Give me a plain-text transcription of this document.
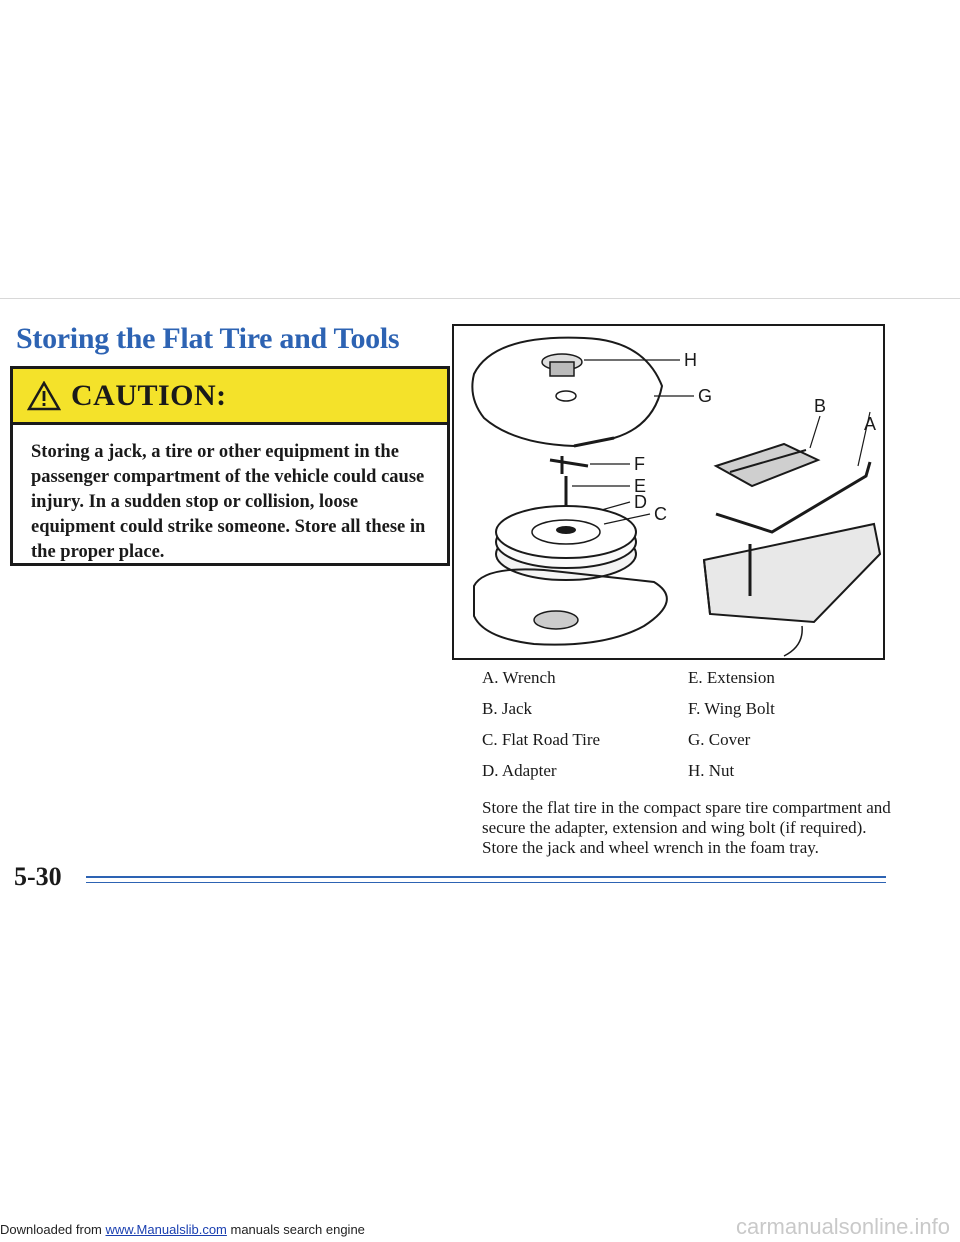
Storing the Flat Tire and Tools
CAUTION:

Storing a jack, a tire or other equipment in the passenger compartment of the vehicle could cause injury. In a sudden stop or collision, loose equipment could strike someone. Store all these in the proper place.

H
G	B
A
F
E
D
C
A. Wrench	E. Extension
B. Jack	F. Wing Bolt
C. Flat Road Tire	G. Cover
D. Adapter	H. Nut

Store the flat tire in the compact spare tire compartment and secure the adapter, extension and wing bolt (if required). Store the jack and wheel wrench in the foam tray.

5-30
Downloaded from www.Manualslib.com manuals search engine	carmanualsonline.info
